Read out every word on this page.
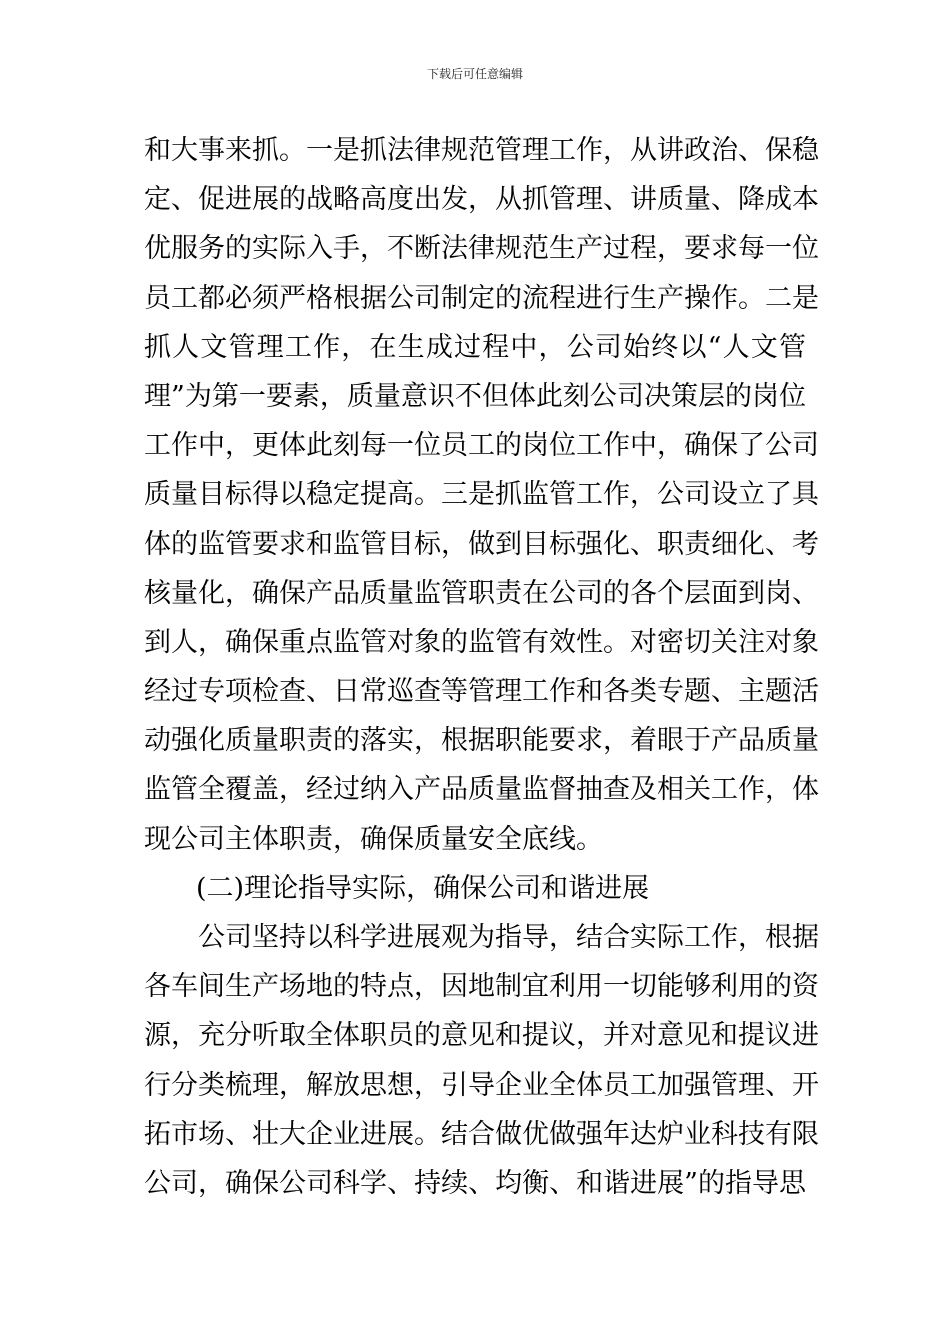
下载后可任意编辑
和大事来抓。一是抓法律规范管理工作，从讲政治、保稳
定、促进展的战略高度出发，从抓管理、讲质量、降成本
优服务的实际入手，不断法律规范生产过程，要求每一位
员工都必须严格根据公司制定的流程进行生产操作。二是
抓人文管理工作，在生成过程中，公司始终以“人文管
理”为第一要素，质量意识不但体此刻公司决策层的岗位
工作中，更体此刻每一位员工的岗位工作中，确保了公司
质量目标得以稳定提高。三是抓监管工作，公司设立了具
体的监管要求和监管目标，做到目标强化、职责细化、考
核量化，确保产品质量监管职责在公司的各个层面到岗、
到人，确保重点监管对象的监管有效性。对密切关注对象
经过专项检查、日常巡查等管理工作和各类专题、主题活
动强化质量职责的落实，根据职能要求，着眼于产品质量
监管全覆盖，经过纳入产品质量监督抽查及相关工作，体
现公司主体职责，确保质量安全底线。
(二)理论指导实际，确保公司和谐进展
公司坚持以科学进展观为指导，结合实际工作，根据
各车间生产场地的特点，因地制宜利用一切能够利用的资
源，充分听取全体职员的意见和提议，并对意见和提议进
行分类梳理，解放思想，引导企业全体员工加强管理、开
拓市场、壮大企业进展。结合做优做强年达炉业科技有限
公司，确保公司科学、持续、均衡、和谐进展”的指导思
